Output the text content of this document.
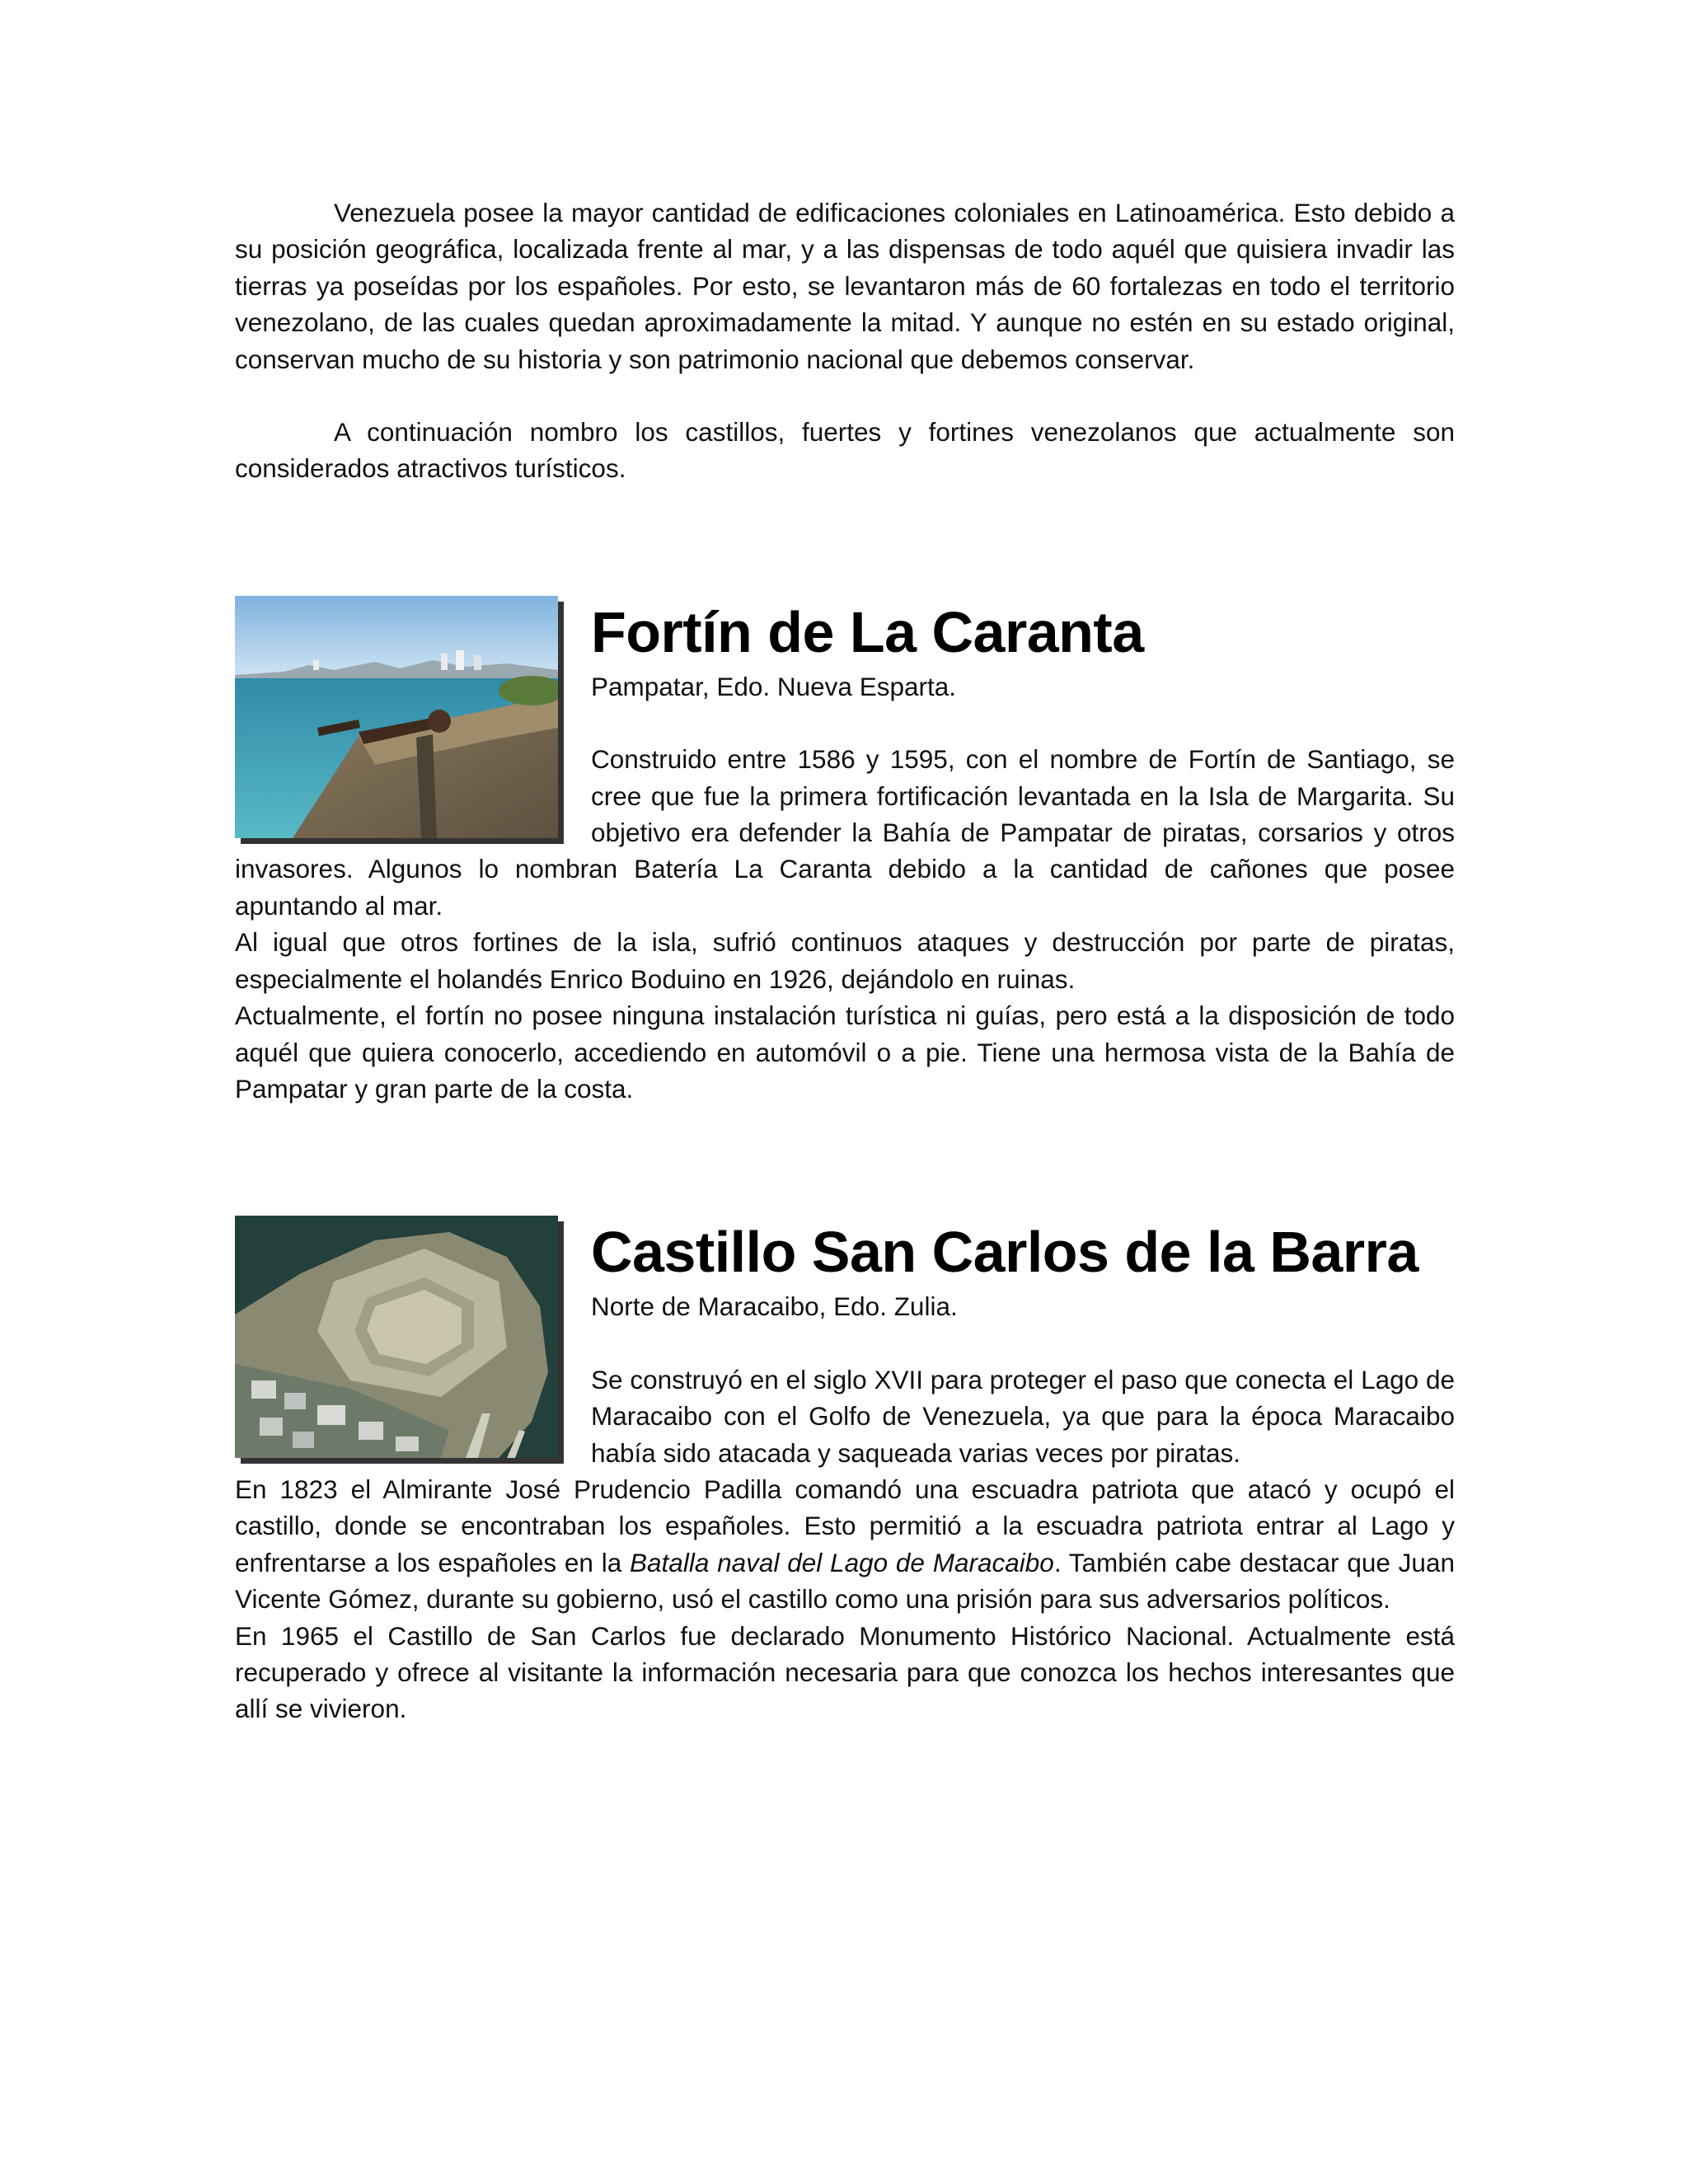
Venezuela posee la mayor cantidad de edificaciones coloniales en Latinoamérica. Esto debido a su posición geográfica, localizada frente al mar, y a las dispensas de todo aquél que quisiera invadir las tierras ya poseídas por los españoles. Por esto, se levantaron más de 60 fortalezas en todo el territorio venezolano, de las cuales quedan aproximadamente la mitad. Y aunque no estén en su estado original, conservan mucho de su historia y son patrimonio nacional que debemos conservar.

A continuación nombro los castillos, fuertes y fortines venezolanos que actualmente son considerados atractivos turísticos.

Fortín de La Caranta

Pampatar, Edo. Nueva Esparta.

Construido entre 1586 y 1595, con el nombre de Fortín de Santiago, se cree que fue la primera fortificación levantada en la Isla de Margarita. Su objetivo era defender la Bahía de Pampatar de piratas, corsarios y otros invasores. Algunos lo nombran Batería La Caranta debido a la cantidad de cañones que posee apuntando al mar.

Al igual que otros fortines de la isla, sufrió continuos ataques y destrucción por parte de piratas, especialmente el holandés Enrico Boduino en 1926, dejándolo en ruinas.

Actualmente, el fortín no posee ninguna instalación turística ni guías, pero está a la disposición de todo aquél que quiera conocerlo, accediendo en automóvil o a pie. Tiene una hermosa vista de la Bahía de Pampatar y gran parte de la costa.

Castillo San Carlos de la Barra

Norte de Maracaibo, Edo. Zulia.

Se construyó en el siglo XVII para proteger el paso que conecta el Lago de Maracaibo con el Golfo de Venezuela, ya que para la época Maracaibo había sido atacada y saqueada varias veces por piratas.

En 1823 el Almirante José Prudencio Padilla comandó una escuadra patriota que atacó y ocupó el castillo, donde se encontraban los españoles. Esto permitió a la escuadra patriota entrar al Lago y enfrentarse a los españoles en la Batalla naval del Lago de Maracaibo. También cabe destacar que Juan Vicente Gómez, durante su gobierno, usó el castillo como una prisión para sus adversarios políticos.

En 1965 el Castillo de San Carlos fue declarado Monumento Histórico Nacional. Actualmente está recuperado y ofrece al visitante la información necesaria para que conozca los hechos interesantes que allí se vivieron.
